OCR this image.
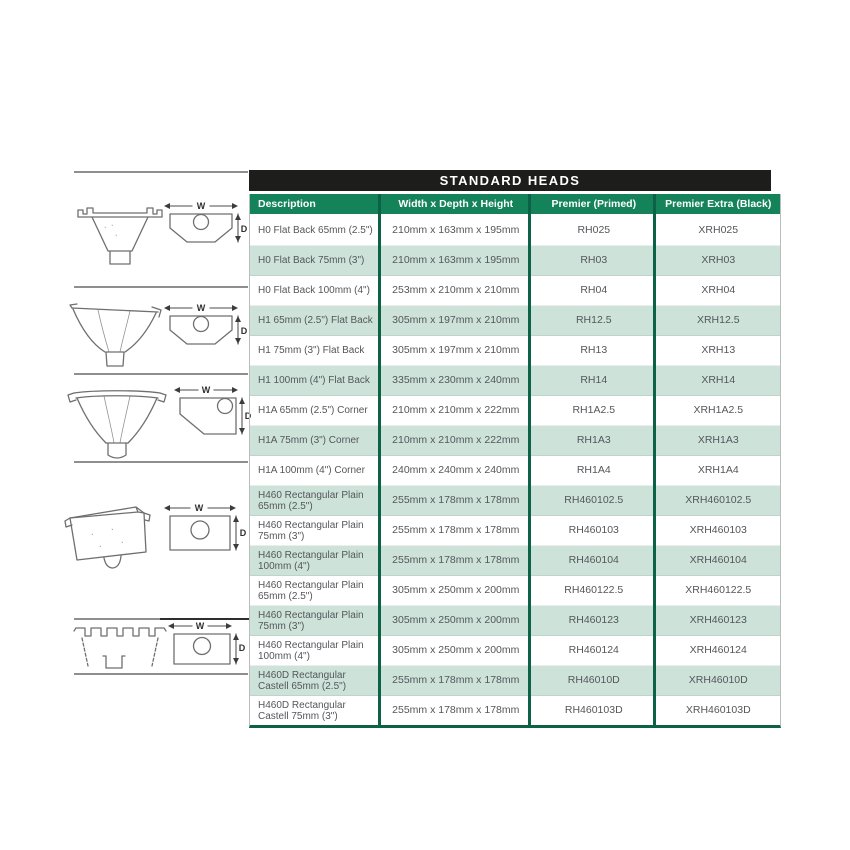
W
D
W
D
W
D
W
D
W
D
STANDARD HEADS
Description	Width x Depth x Height	Premier (Primed)	Premier Extra (Black)
H0 Flat Back 65mm (2.5")	210mm x 163mm x 195mm	RH025	XRH025
H0 Flat Back 75mm (3")	210mm x 163mm x 195mm	RH03	XRH03
H0 Flat Back 100mm (4")	253mm x 210mm x 210mm	RH04	XRH04
H1 65mm (2.5") Flat Back	305mm x 197mm x 210mm	RH12.5	XRH12.5
H1 75mm (3") Flat Back	305mm x 197mm x 210mm	RH13	XRH13
H1 100mm (4") Flat Back	335mm x 230mm x 240mm	RH14	XRH14
H1A 65mm (2.5") Corner	210mm x 210mm x 222mm	RH1A2.5	XRH1A2.5
H1A 75mm (3") Corner	210mm x 210mm x 222mm	RH1A3	XRH1A3
H1A 100mm (4") Corner	240mm x 240mm x 240mm	RH1A4	XRH1A4
H460 Rectangular Plain 65mm (2.5")	255mm x 178mm x 178mm	RH460102.5	XRH460102.5
H460 Rectangular Plain 75mm (3")	255mm x 178mm x 178mm	RH460103	XRH460103
H460 Rectangular Plain 100mm (4")	255mm x 178mm x 178mm	RH460104	XRH460104
H460 Rectangular Plain 65mm (2.5")	305mm x 250mm x 200mm	RH460122.5	XRH460122.5
H460 Rectangular Plain 75mm (3")	305mm x 250mm x 200mm	RH460123	XRH460123
H460 Rectangular Plain 100mm (4")	305mm x 250mm x 200mm	RH460124	XRH460124
H460D Rectangular Castell 65mm (2.5")	255mm x 178mm x 178mm	RH46010D	XRH46010D
H460D Rectangular Castell 75mm (3")	255mm x 178mm x 178mm	RH460103D	XRH460103D
